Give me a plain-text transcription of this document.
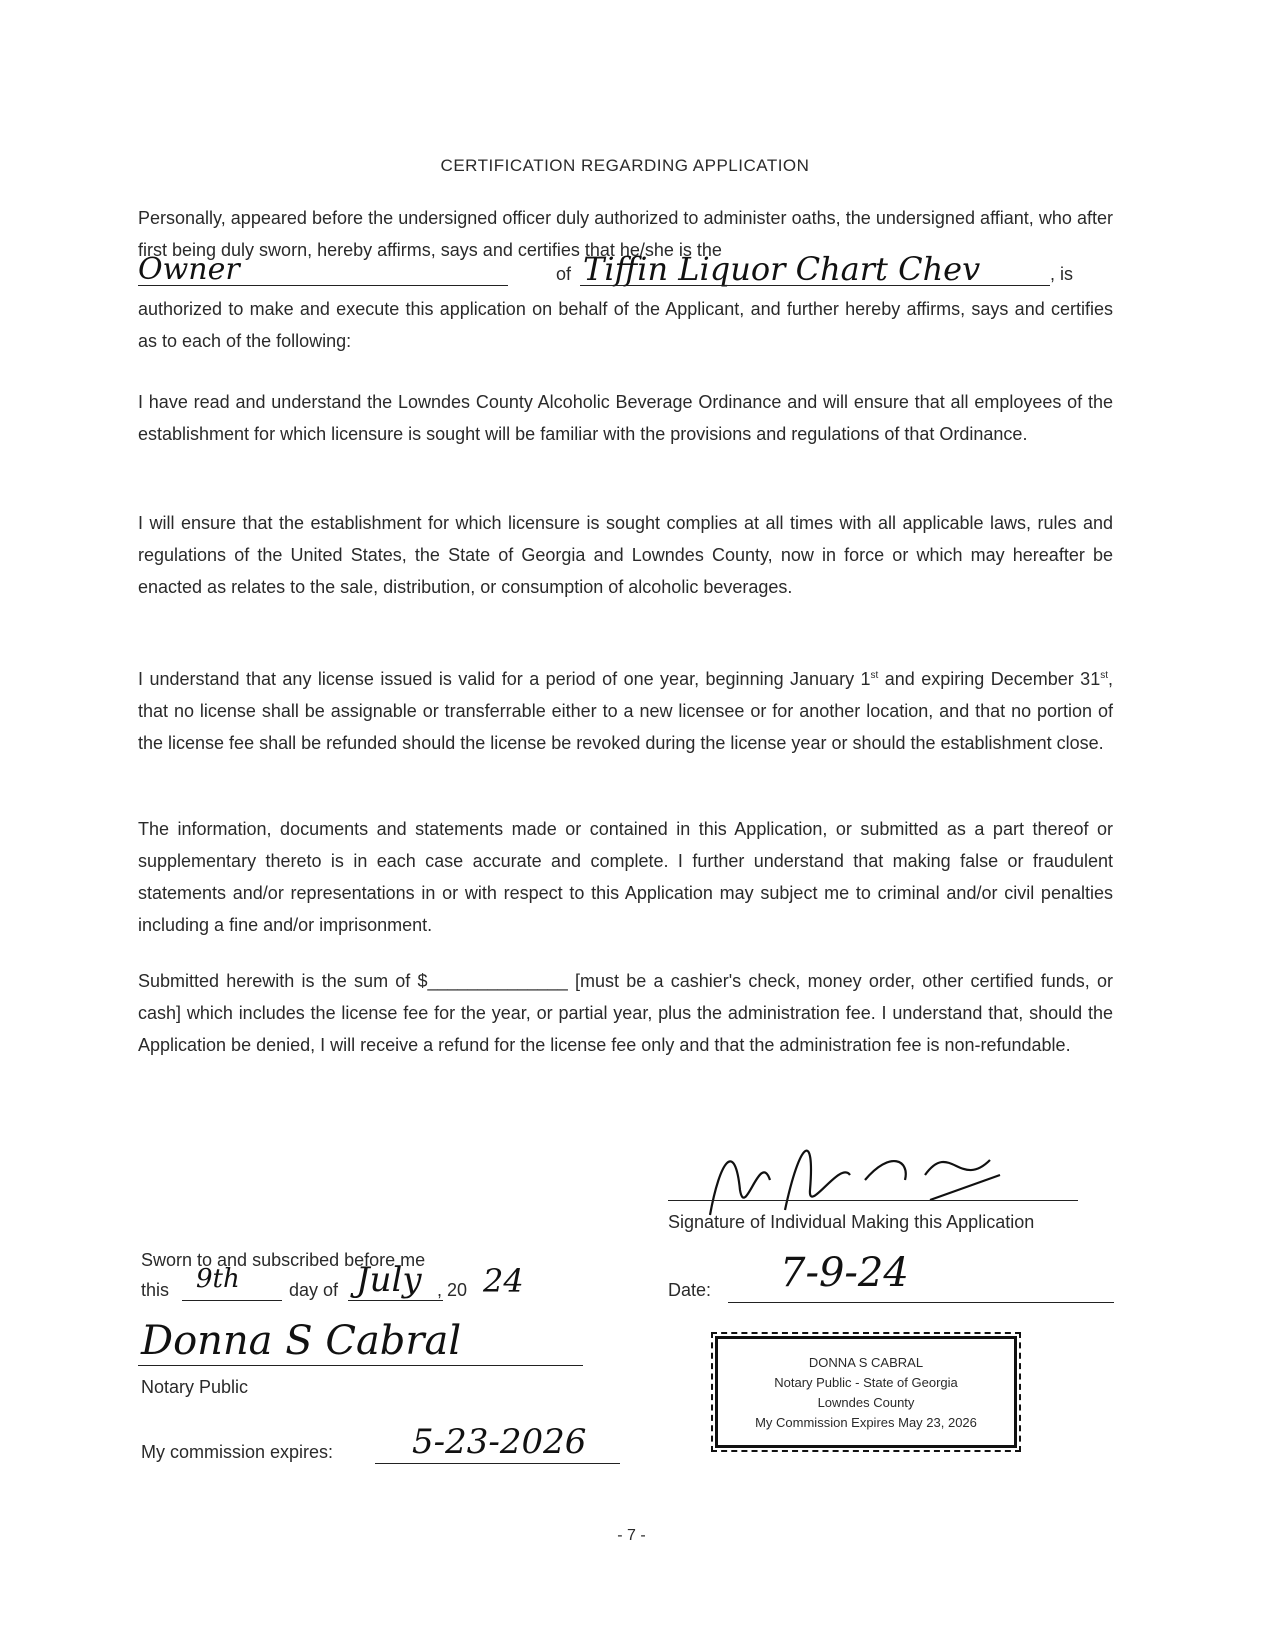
CERTIFICATION REGARDING APPLICATION

Personally, appeared before the undersigned officer duly authorized to administer oaths, the undersigned affiant, who after first being duly sworn, hereby affirms, says and certifies that he/she is the

Owner	of Tiffin Liquor Chart Chev	, is

authorized to make and execute this application on behalf of the Applicant, and further hereby affirms, says and certifies as to each of the following:

I have read and understand the Lowndes County Alcoholic Beverage Ordinance and will ensure that all employees of the establishment for which licensure is sought will be familiar with the provisions and regulations of that Ordinance.

I will ensure that the establishment for which licensure is sought complies at all times with all applicable laws, rules and regulations of the United States, the State of Georgia and Lowndes County, now in force or which may hereafter be enacted as relates to the sale, distribution, or consumption of alcoholic beverages.

I understand that any license issued is valid for a period of one year, beginning January 1st and expiring December 31st, that no license shall be assignable or transferrable either to a new licensee or for another location, and that no portion of the license fee shall be refunded should the license be revoked during the license year or should the establishment close.

The information, documents and statements made or contained in this Application, or submitted as a part thereof or supplementary thereto is in each case accurate and complete. I further understand that making false or fraudulent statements and/or representations in or with respect to this Application may subject me to criminal and/or civil penalties including a fine and/or imprisonment.

Submitted herewith is the sum of $______________ [must be a cashier's check, money order, other certified funds, or cash] which includes the license fee for the year, or partial year, plus the administration fee. I understand that, should the Application be denied, I will receive a refund for the license fee only and that the administration fee is non-refundable.

Signature of Individual Making this Application
Date: 7-9-24
Sworn to and subscribed before me
this 9th	day of July , 20 24
Donna S Cabral
Notary Public
My commission expires: 5-23-2026
DONNA S CABRAL
Notary Public - State of Georgia
Lowndes County
My Commission Expires May 23, 2026
- 7 -
